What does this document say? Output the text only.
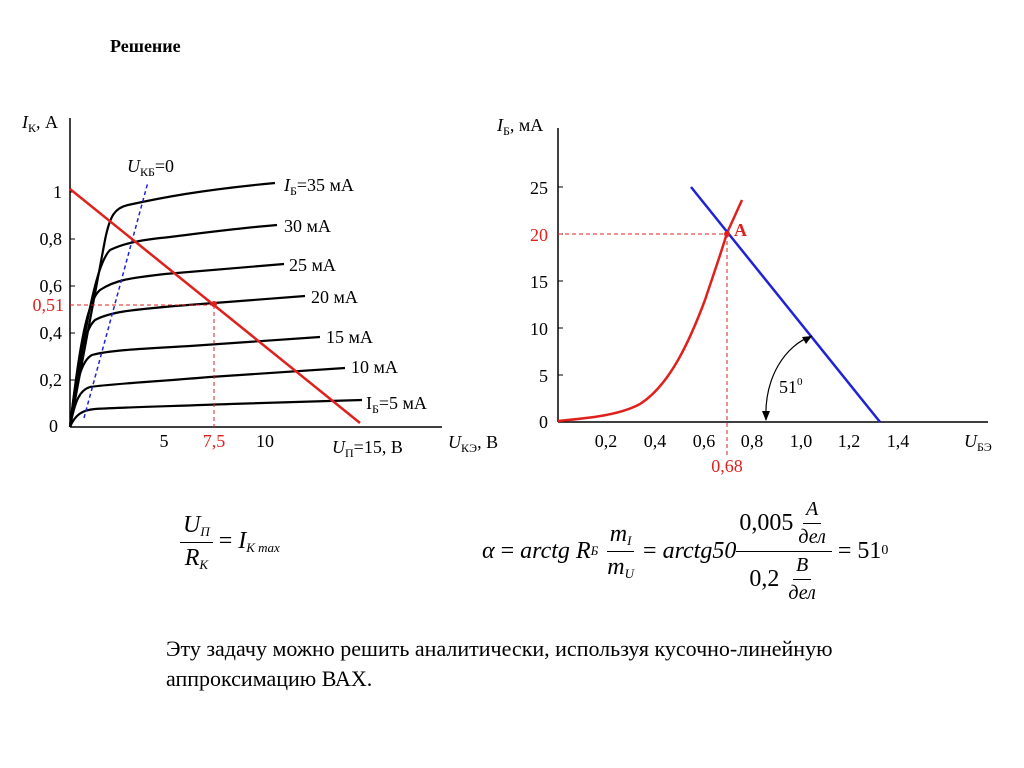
Решение
$I_К$, А
0
0,2
0,4
0,6
0,8
1
0,51
5 7,5 10	$U_П=15$, В	$U_{КЭ}$, В
$U_{КБ}=0$
$I_Б=35$ мА
30 мА
25 мА
20 мА
15 мА
10 мА
$I_Б=5$ мА
$I_Б$, мА
0
5
10
15
20
25
0,2 0,4 0,6 0,8 1,0 1,2 1,4
0,68
$U_{БЭ}$
A
$51^0$
$\frac{U_П}{R_К} = I_{К max}$	α
=
arctg
R Б
$\frac{m_I}{m_U}$
=
arctg50 $\frac{0,005 \frac{А}{\text{дел}}}{0,2 \frac{В}{\text{дел}}}$
=
51 0
Эту задачу можно решить аналитически, используя кусочно-линейную аппроксимацию ВАХ.
